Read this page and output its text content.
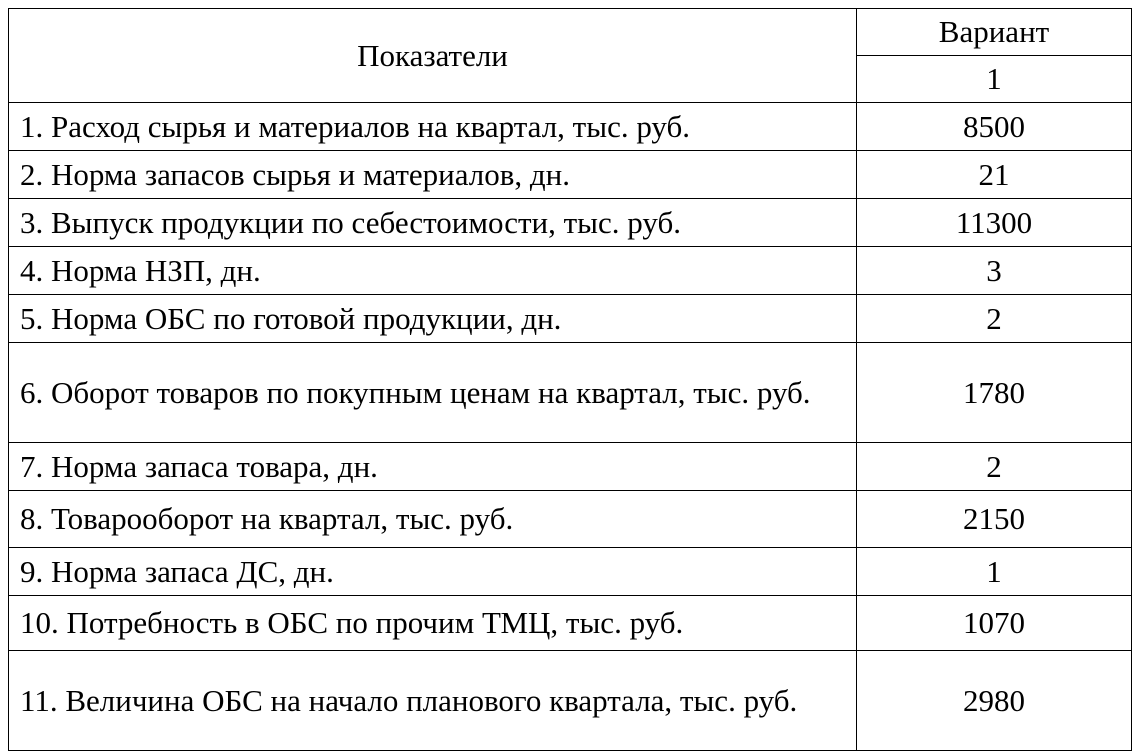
Показатели	Вариант
	1
1. Расход сырья и материалов на квартал, тыс. руб.	8500
2. Норма запасов сырья и материалов, дн.	21
3. Выпуск продукции по себестоимости, тыс. руб.	11300
4. Норма НЗП, дн.	3
5. Норма ОБС по готовой продукции, дн.	2
6. Оборот товаров по покупным ценам на квартал, тыс. руб.	1780
7. Норма запаса товара, дн.	2
8. Товарооборот на квартал, тыс. руб.	2150
9. Норма запаса ДС, дн.	1
10. Потребность в ОБС по прочим ТМЦ, тыс. руб.	1070
11. Величина ОБС на начало планового квартала, тыс. руб.	2980
